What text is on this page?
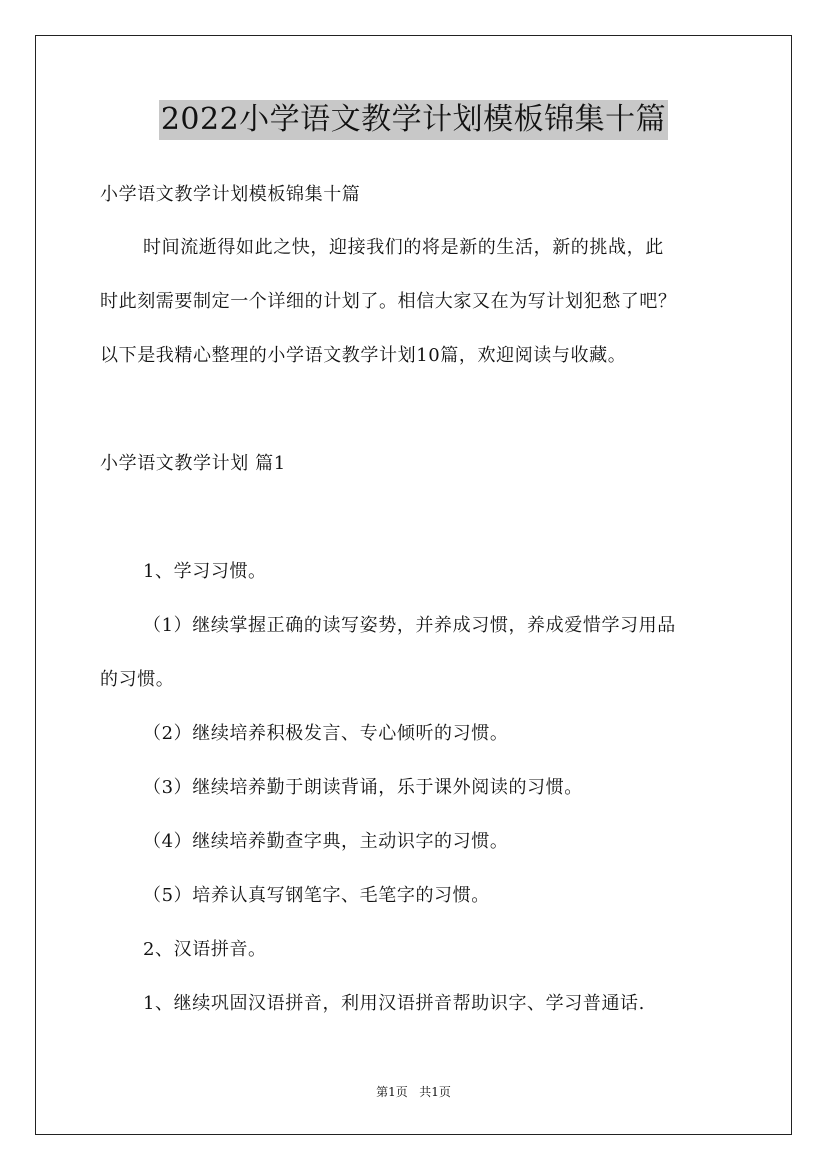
2022小学语文教学计划模板锦集十篇
小学语文教学计划模板锦集十篇
时间流逝得如此之快，迎接我们的将是新的生活，新的挑战，此
时此刻需要制定一个详细的计划了。相信大家又在为写计划犯愁了吧？
以下是我精心整理的小学语文教学计划10篇，欢迎阅读与收藏。
小学语文教学计划 篇1
1、学习习惯。
（1）继续掌握正确的读写姿势，并养成习惯，养成爱惜学习用品
的习惯。
（2）继续培养积极发言、专心倾听的习惯。
（3）继续培养勤于朗读背诵，乐于课外阅读的习惯。
（4）继续培养勤查字典，主动识字的习惯。
（5）培养认真写钢笔字、毛笔字的习惯。
2、汉语拼音。
1、继续巩固汉语拼音，利用汉语拼音帮助识字、学习普通话.
第1页 共1页
